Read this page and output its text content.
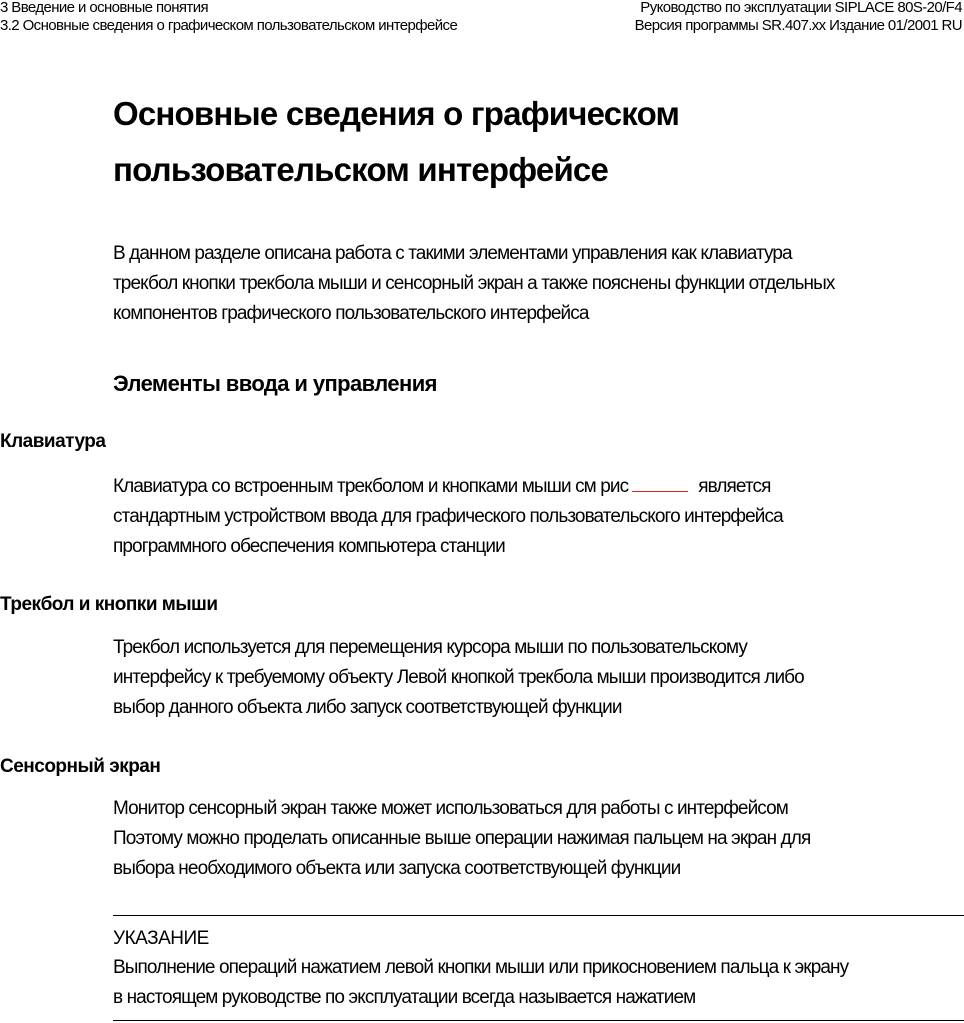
3 Введение и основные понятия
3.2 Основные сведения о графическом пользовательском интерфейсе
Руководство по эксплуатации SIPLACE 80S-20/F4
Версия программы SR.407.xx Издание 01/2001 RU
Основные сведения о графическом
пользовательском интерфейсе
В данном разделе описана работа с такими элементами управления как клавиатура
трекбол кнопки трекбола мыши и сенсорный экран а также пояснены функции отдельных
компонентов графического пользовательского интерфейса
Элементы ввода и управления
Клавиатура
Клавиатура со встроенным трекболом и кнопками мыши см рис	является
стандартным устройством ввода для графического пользовательского интерфейса
программного обеспечения компьютера станции
Трекбол и кнопки мыши
Трекбол используется для перемещения курсора мыши по пользовательскому
интерфейсу к требуемому объекту Левой кнопкой трекбола мыши производится либо
выбор данного объекта либо запуск соответствующей функции
Сенсорный экран
Монитор сенсорный экран также может использоваться для работы с интерфейсом
Поэтому можно проделать описанные выше операции нажимая пальцем на экран для
выбора необходимого объекта или запуска соответствующей функции
УКАЗАНИЕ
Выполнение операций нажатием левой кнопки мыши или прикосновением пальца к экрану
в настоящем руководстве по эксплуатации всегда называется нажатием
